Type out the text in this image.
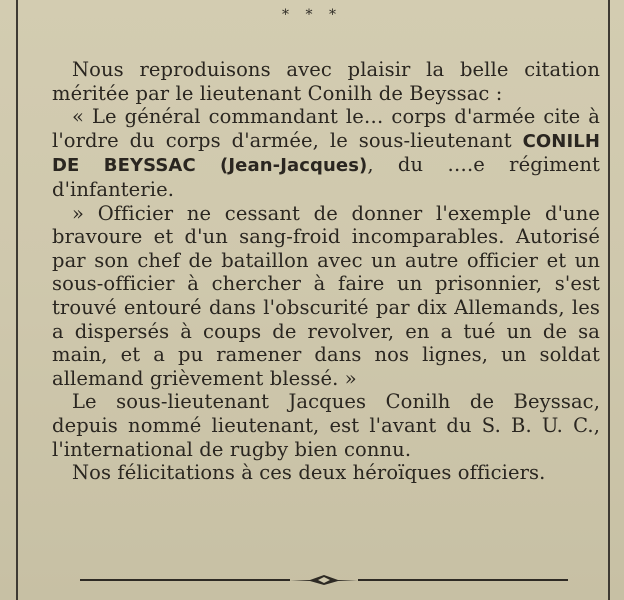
* * *

Nous reproduisons avec plaisir la belle citation méritée par le lieutenant Conilh de Beyssac :

« Le général commandant le… corps d'armée cite à l'ordre du corps d'armée, le sous-lieutenant CONILH DE BEYSSAC (Jean-Jacques), du ….e régiment d'infanterie.

» Officier ne cessant de donner l'exemple d'une bravoure et d'un sang-froid incomparables. Autorisé par son chef de bataillon avec un autre officier et un sous-officier à chercher à faire un prisonnier, s'est trouvé entouré dans l'obscurité par dix Allemands, les a dispersés à coups de revolver, en a tué un de sa main, et a pu ramener dans nos lignes, un soldat allemand grièvement blessé. »

Le sous-lieutenant Jacques Conilh de Beyssac, depuis nommé lieutenant, est l'avant du S. B. U. C., l'international de rugby bien connu.

Nos félicitations à ces deux héroïques officiers.
